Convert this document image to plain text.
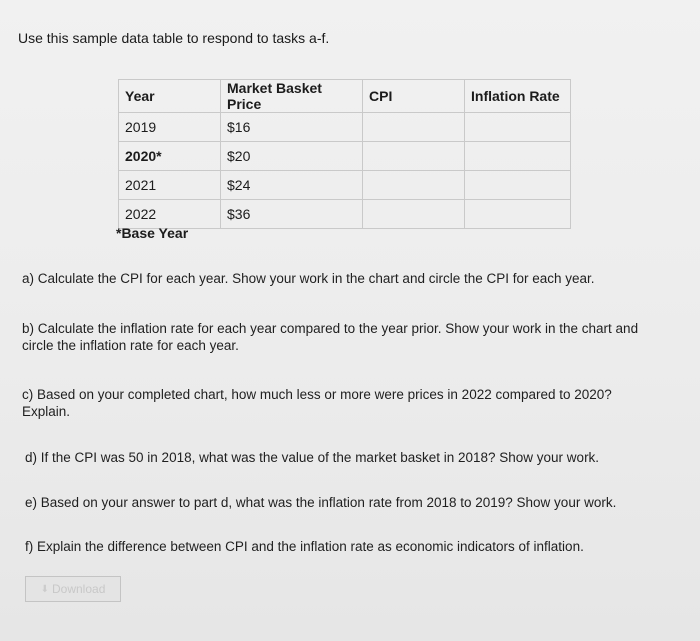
Use this sample data table to respond to tasks a-f.
Year	Market Basket Price	CPI	Inflation Rate
2019	$16		
2020*	$20		
2021	$24		
2022	$36		
*Base Year
a) Calculate the CPI for each year. Show your work in the chart and circle the CPI for each year.
b) Calculate the inflation rate for each year compared to the year prior. Show your work in the chart and circle the inflation rate for each year.
c) Based on your completed chart, how much less or more were prices in 2022 compared to 2020? Explain.
d) If the CPI was 50 in 2018, what was the value of the market basket in 2018? Show your work.
e) Based on your answer to part d, what was the inflation rate from 2018 to 2019? Show your work.
f) Explain the difference between CPI and the inflation rate as economic indicators of inflation.
⬇ Download
